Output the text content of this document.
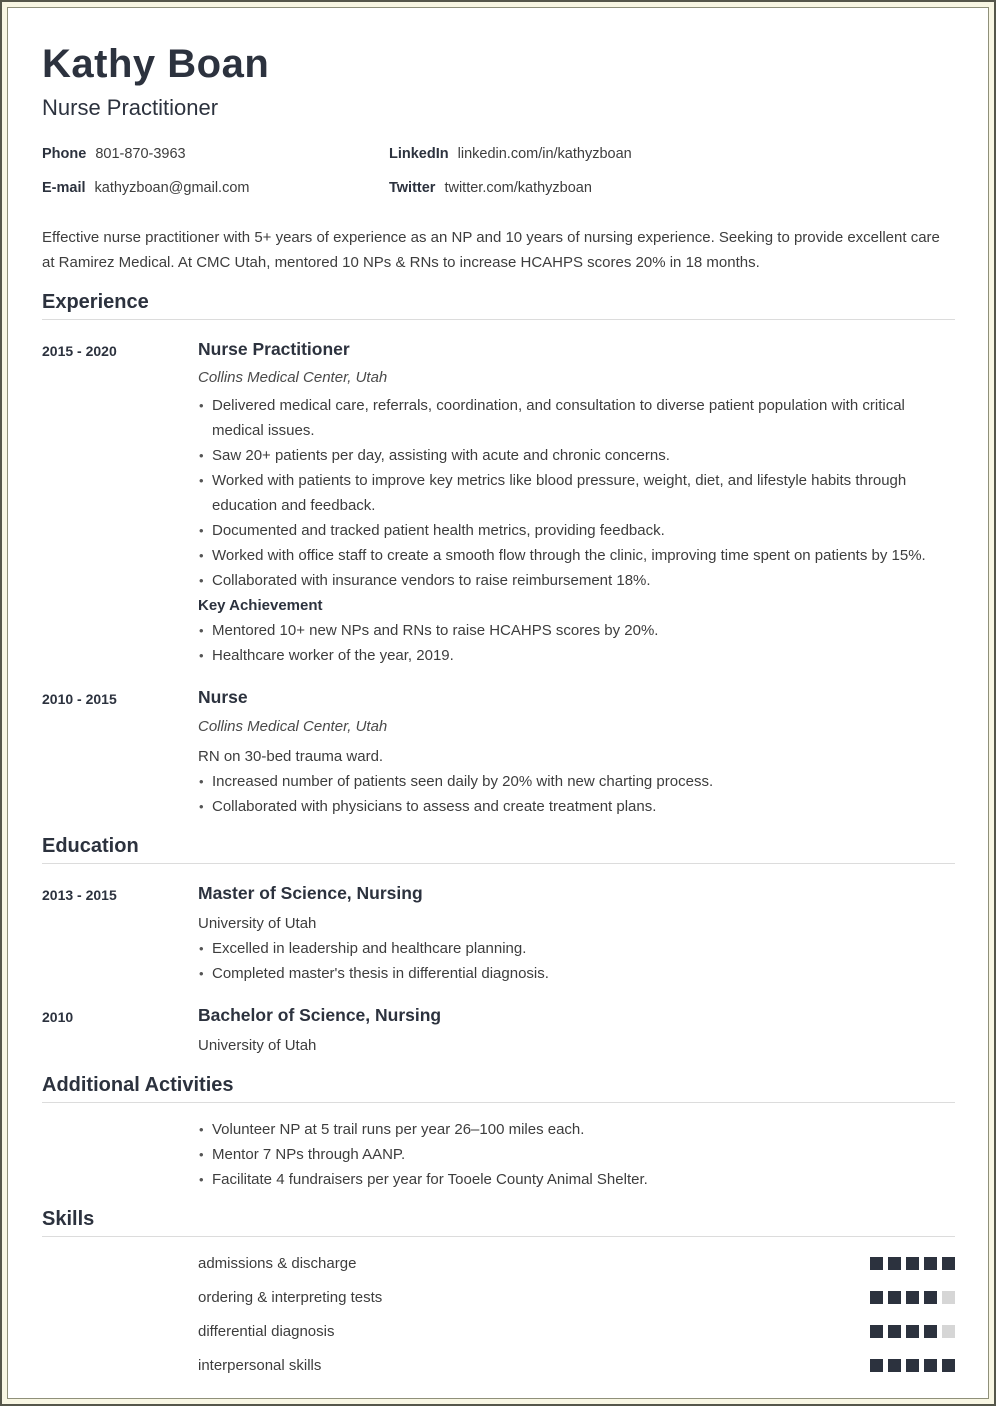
Kathy Boan
Nurse Practitioner
Phone 801-870-3963	LinkedIn linkedin.com/in/kathyzboan
E-mail kathyzboan@gmail.com	Twitter twitter.com/kathyzboan
Effective nurse practitioner with 5+ years of experience as an NP and 10 years of nursing experience. Seeking to provide excellent care at Ramirez Medical. At CMC Utah, mentored 10 NPs & RNs to increase HCAHPS scores 20% in 18 months.
Experience
2015 - 2020	Nurse Practitioner
Collins Medical Center, Utah
• Delivered medical care, referrals, coordination, and consultation to diverse patient population with critical medical issues.
• Saw 20+ patients per day, assisting with acute and chronic concerns.
• Worked with patients to improve key metrics like blood pressure, weight, diet, and lifestyle habits through education and feedback.
• Documented and tracked patient health metrics, providing feedback.
• Worked with office staff to create a smooth flow through the clinic, improving time spent on patients by 15%.
• Collaborated with insurance vendors to raise reimbursement 18%.
Key Achievement
• Mentored 10+ new NPs and RNs to raise HCAHPS scores by 20%.
• Healthcare worker of the year, 2019.
2010 - 2015	Nurse
Collins Medical Center, Utah
RN on 30-bed trauma ward.
• Increased number of patients seen daily by 20% with new charting process.
• Collaborated with physicians to assess and create treatment plans.
Education
2013 - 2015	Master of Science, Nursing
University of Utah
• Excelled in leadership and healthcare planning.
• Completed master's thesis in differential diagnosis.
2010	Bachelor of Science, Nursing
University of Utah
Additional Activities
• Volunteer NP at 5 trail runs per year 26–100 miles each.
• Mentor 7 NPs through AANP.
• Facilitate 4 fundraisers per year for Tooele County Animal Shelter.
Skills
admissions & discharge
ordering & interpreting tests
differential diagnosis
interpersonal skills
